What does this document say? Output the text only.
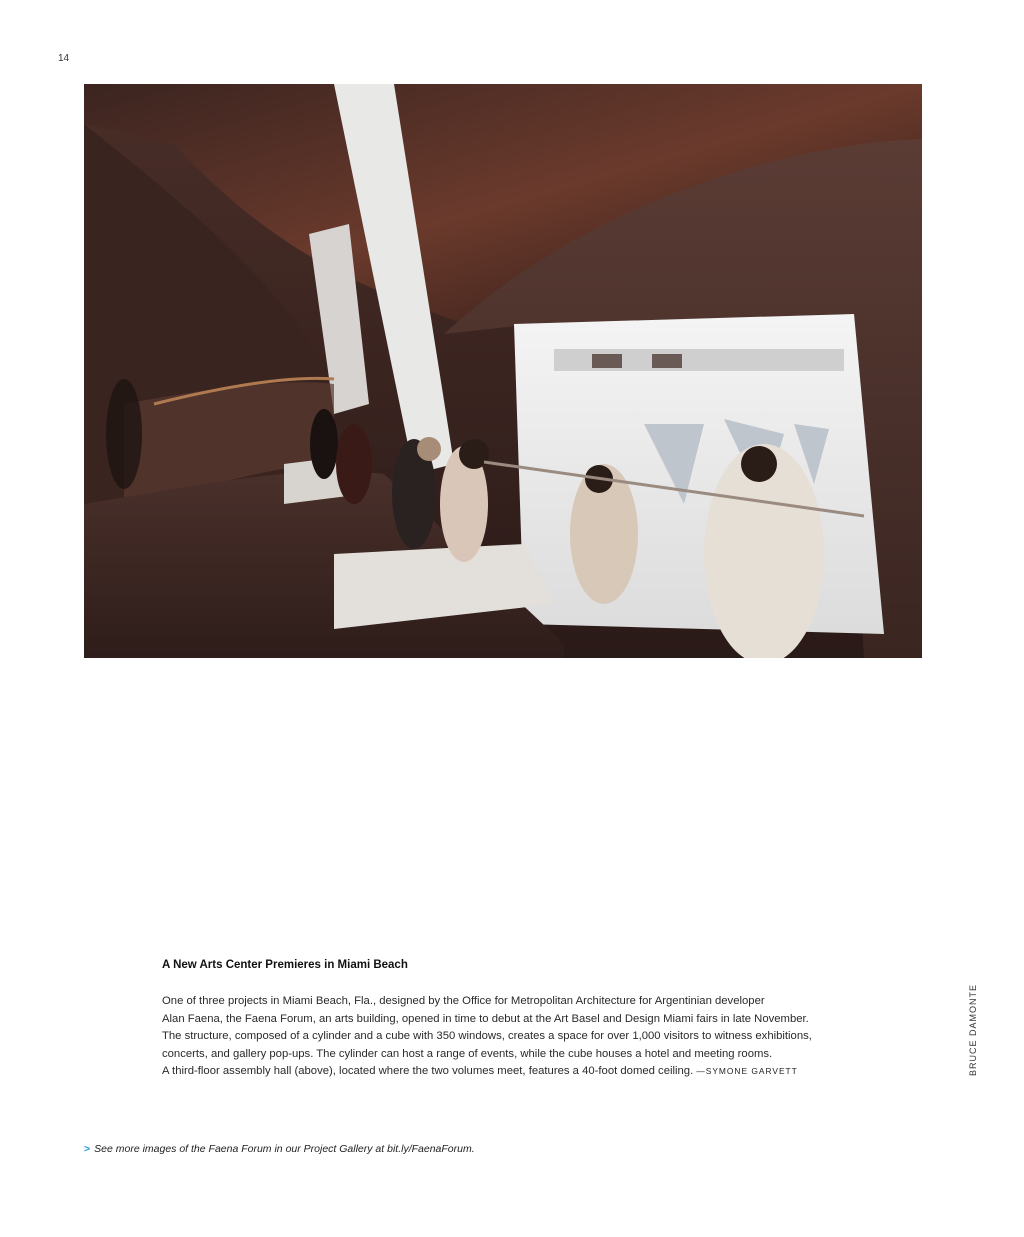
14
A New Arts Center Premieres in Miami Beach
One of three projects in Miami Beach, Fla., designed by the Office for Metropolitan Architecture for Argentinian developer
Alan Faena, the Faena Forum, an arts building, opened in time to debut at the Art Basel and Design Miami fairs in late November.
The structure, composed of a cylinder and a cube with 350 windows, creates a space for over 1,000 visitors to witness exhibitions,
concerts, and gallery pop-ups. The cylinder can host a range of events, while the cube houses a hotel and meeting rooms.
A third-floor assembly hall (above), located where the two volumes meet, features a 40-foot domed ceiling. —SYMONE GARVETT	BRUCE DAMONTE
> See more images of the Faena Forum in our Project Gallery at bit.ly/FaenaForum.
